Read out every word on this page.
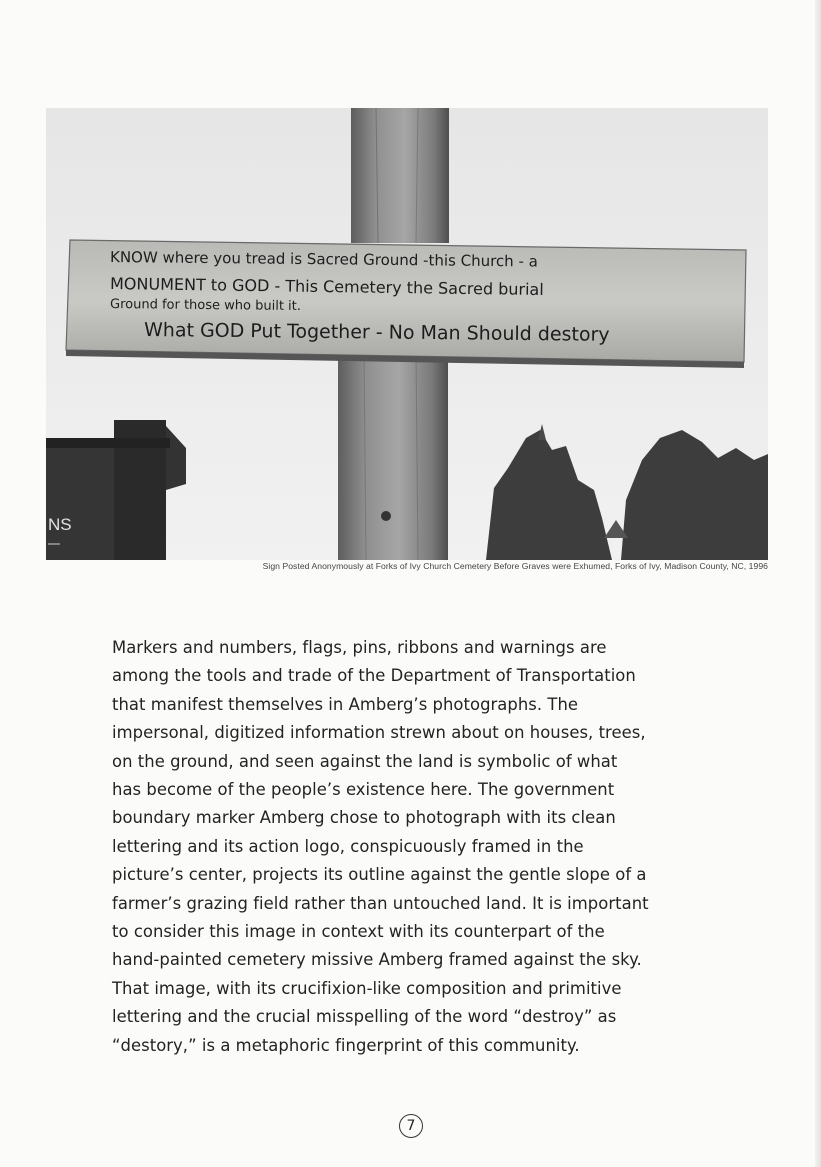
KNOW where you tread is Sacred Ground -this Church - a
MONUMENT to GOD - This Cemetery the Sacred burial
Ground for those who built it.
What GOD Put Together - No Man Should destory
NS
Sign Posted Anonymously at Forks of Ivy Church Cemetery Before Graves were Exhumed, Forks of Ivy, Madison County, NC, 1996
Markers and numbers, flags, pins, ribbons and warnings are
among the tools and trade of the Department of Transportation
that manifest themselves in Amberg’s photographs. The
impersonal, digitized information strewn about on houses, trees,
on the ground, and seen against the land is symbolic of what
has become of the people’s existence here. The government
boundary marker Amberg chose to photograph with its clean
lettering and its action logo, conspicuously framed in the
picture’s center, projects its outline against the gentle slope of a
farmer’s grazing field rather than untouched land. It is important
to consider this image in context with its counterpart of the
hand-painted cemetery missive Amberg framed against the sky.
That image, with its crucifixion-like composition and primitive
lettering and the crucial misspelling of the word “destroy” as
“destory,” is a metaphoric fingerprint of this community.
7
